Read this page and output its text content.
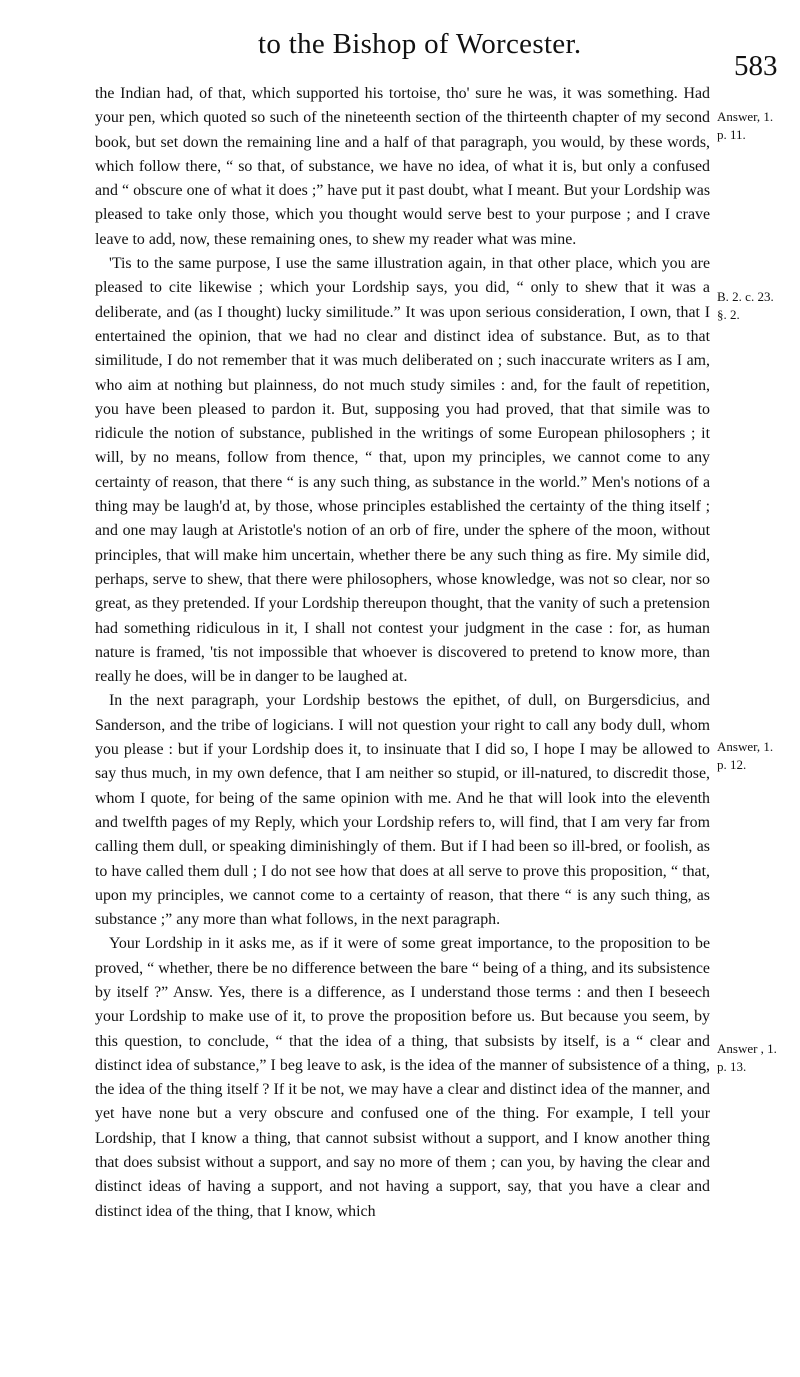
to the Bishop of Worcester.
583

the Indian had, of that, which supported his tortoise, tho' sure he was, it was something. Had your pen, which quoted so such of the nineteenth section of the thirteenth chapter of my second book, but set down the remaining line and a half of that paragraph, you would, by these words, which follow there, “ so that, of substance, we have no idea, of what it is, but only a confused and “ obscure one of what it does ;” have put it past doubt, what I meant. But your Lordship was pleased to take only those, which you thought would serve best to your purpose ; and I crave leave to add, now, these remaining ones, to shew my reader what was mine.

'Tis to the same purpose, I use the same illustration again, in that other place, which you are pleased to cite likewise ; which your Lordship says, you did, “ only to shew that it was a deliberate, and (as I thought) lucky similitude.” It was upon serious consideration, I own, that I entertained the opinion, that we had no clear and distinct idea of substance. But, as to that similitude, I do not remember that it was much deliberated on ; such inaccurate writers as I am, who aim at nothing but plainness, do not much study similes : and, for the fault of repetition, you have been pleased to pardon it. But, supposing you had proved, that that simile was to ridicule the notion of substance, published in the writings of some European philosophers ; it will, by no means, follow from thence, “ that, upon my principles, we cannot come to any certainty of reason, that there “ is any such thing, as substance in the world.” Men's notions of a thing may be laugh'd at, by those, whose principles established the certainty of the thing itself ; and one may laugh at Aristotle's notion of an orb of fire, under the sphere of the moon, without principles, that will make him uncertain, whether there be any such thing as fire. My simile did, perhaps, serve to shew, that there were philosophers, whose knowledge, was not so clear, nor so great, as they pretended. If your Lordship thereupon thought, that the vanity of such a pretension had something ridiculous in it, I shall not contest your judgment in the case : for, as human nature is framed, 'tis not impossible that whoever is discovered to pretend to know more, than really he does, will be in danger to be laughed at.

In the next paragraph, your Lordship bestows the epithet, of dull, on Burgersdicius, and Sanderson, and the tribe of logicians. I will not question your right to call any body dull, whom you please : but if your Lordship does it, to insinuate that I did so, I hope I may be allowed to say thus much, in my own defence, that I am neither so stupid, or ill-natured, to discredit those, whom I quote, for being of the same opinion with me. And he that will look into the eleventh and twelfth pages of my Reply, which your Lordship refers to, will find, that I am very far from calling them dull, or speaking diminishingly of them. But if I had been so ill-bred, or foolish, as to have called them dull ; I do not see how that does at all serve to prove this proposition, “ that, upon my principles, we cannot come to a certainty of reason, that there “ is any such thing, as substance ;” any more than what follows, in the next paragraph.

Your Lordship in it asks me, as if it were of some great importance, to the proposition to be proved, “ whether, there be no difference between the bare “ being of a thing, and its subsistence by itself ?” Answ. Yes, there is a difference, as I understand those terms : and then I beseech your Lordship to make use of it, to prove the proposition before us. But because you seem, by this question, to conclude, “ that the idea of a thing, that subsists by itself, is a “ clear and distinct idea of substance,” I beg leave to ask, is the idea of the manner of subsistence of a thing, the idea of the thing itself ? If it be not, we may have a clear and distinct idea of the manner, and yet have none but a very obscure and confused one of the thing. For example, I tell your Lordship, that I know a thing, that cannot subsist without a support, and I know another thing that does subsist without a support, and say no more of them ; can you, by having the clear and distinct ideas of having a support, and not having a support, say, that you have a clear and distinct idea of the thing, that I know, which

Answer, 1.
p. 11.
B. 2. c. 23.
§. 2.
Answer, 1.
p. 12.
Answer , 1.
p. 13.
